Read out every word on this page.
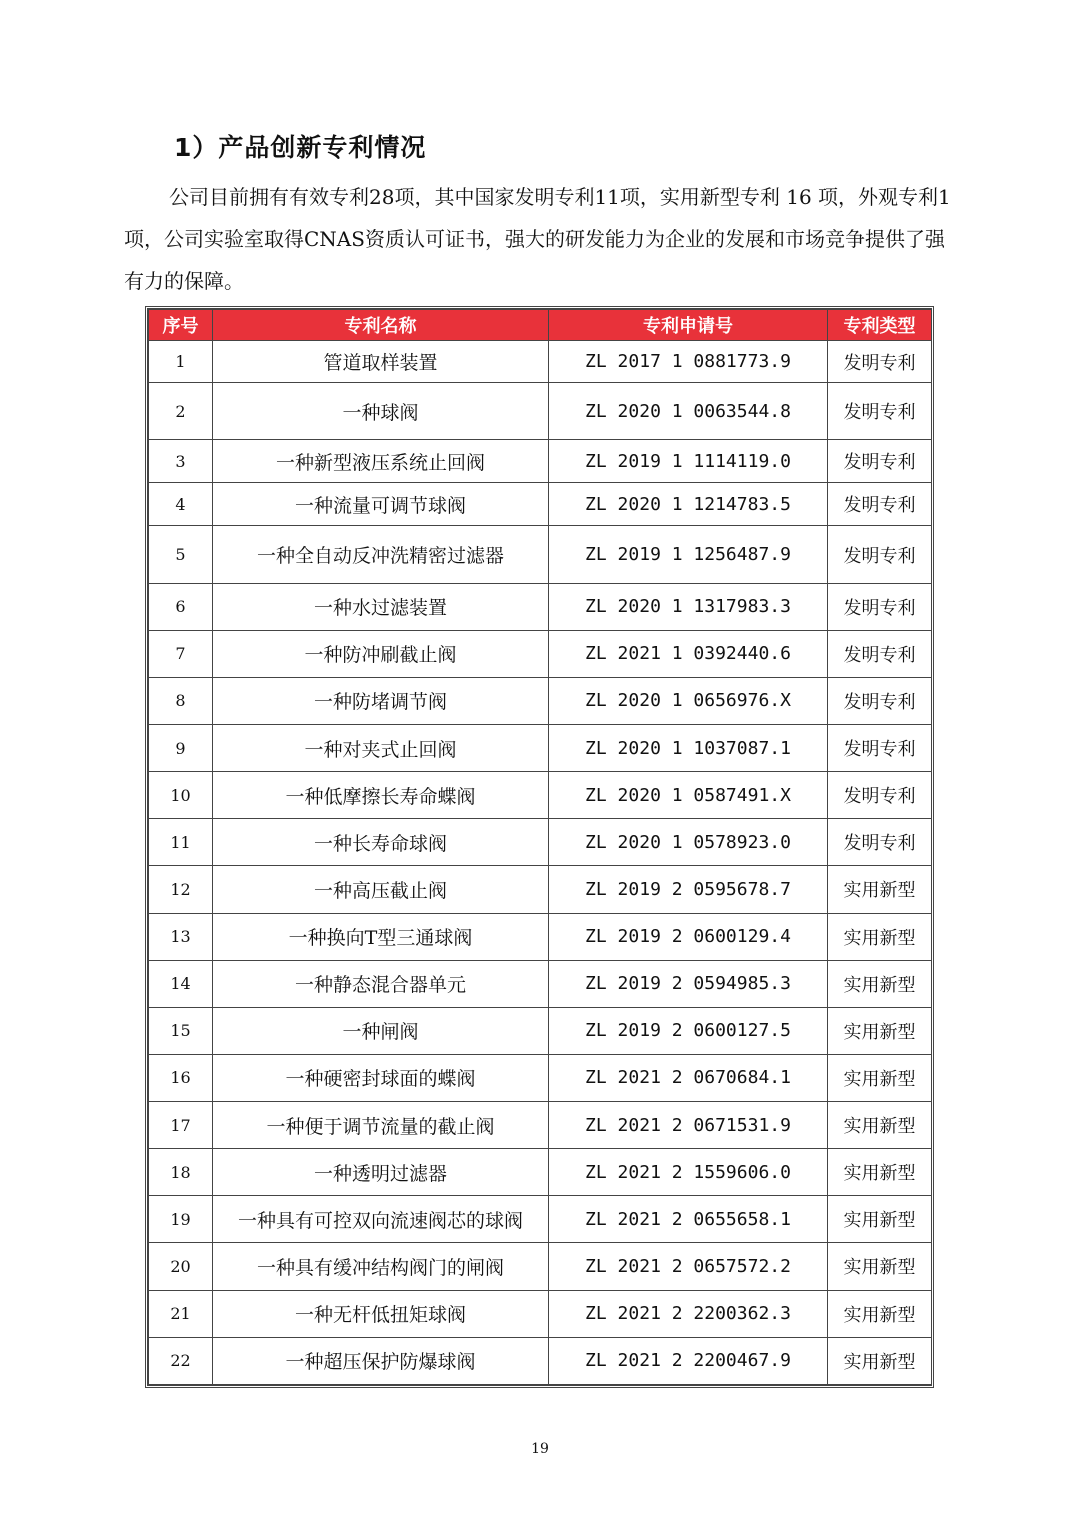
1）产品创新专利情况

公司目前拥有有效专利28项，其中国家发明专利11项，实用新型专利 16 项，外观专利1项，公司实验室取得CNAS资质认可证书，强大的研发能力为企业的发展和市场竞争提供了强有力的保障。

序号	专利名称	专利申请号	专利类型
1	管道取样装置	ZL 2017 1 0881773.9	发明专利
2	一种球阀	ZL 2020 1 0063544.8	发明专利
3	一种新型液压系统止回阀	ZL 2019 1 1114119.0	发明专利
4	一种流量可调节球阀	ZL 2020 1 1214783.5	发明专利
5	一种全自动反冲洗精密过滤器	ZL 2019 1 1256487.9	发明专利
6	一种水过滤装置	ZL 2020 1 1317983.3	发明专利
7	一种防冲刷截止阀	ZL 2021 1 0392440.6	发明专利
8	一种防堵调节阀	ZL 2020 1 0656976.X	发明专利
9	一种对夹式止回阀	ZL 2020 1 1037087.1	发明专利
10	一种低摩擦长寿命蝶阀	ZL 2020 1 0587491.X	发明专利
11	一种长寿命球阀	ZL 2020 1 0578923.0	发明专利
12	一种高压截止阀	ZL 2019 2 0595678.7	实用新型
13	一种换向T型三通球阀	ZL 2019 2 0600129.4	实用新型
14	一种静态混合器单元	ZL 2019 2 0594985.3	实用新型
15	一种闸阀	ZL 2019 2 0600127.5	实用新型
16	一种硬密封球面的蝶阀	ZL 2021 2 0670684.1	实用新型
17	一种便于调节流量的截止阀	ZL 2021 2 0671531.9	实用新型
18	一种透明过滤器	ZL 2021 2 1559606.0	实用新型
19	一种具有可控双向流速阀芯的球阀	ZL 2021 2 0655658.1	实用新型
20	一种具有缓冲结构阀门的闸阀	ZL 2021 2 0657572.2	实用新型
21	一种无杆低扭矩球阀	ZL 2021 2 2200362.3	实用新型
22	一种超压保护防爆球阀	ZL 2021 2 2200467.9	实用新型
19
